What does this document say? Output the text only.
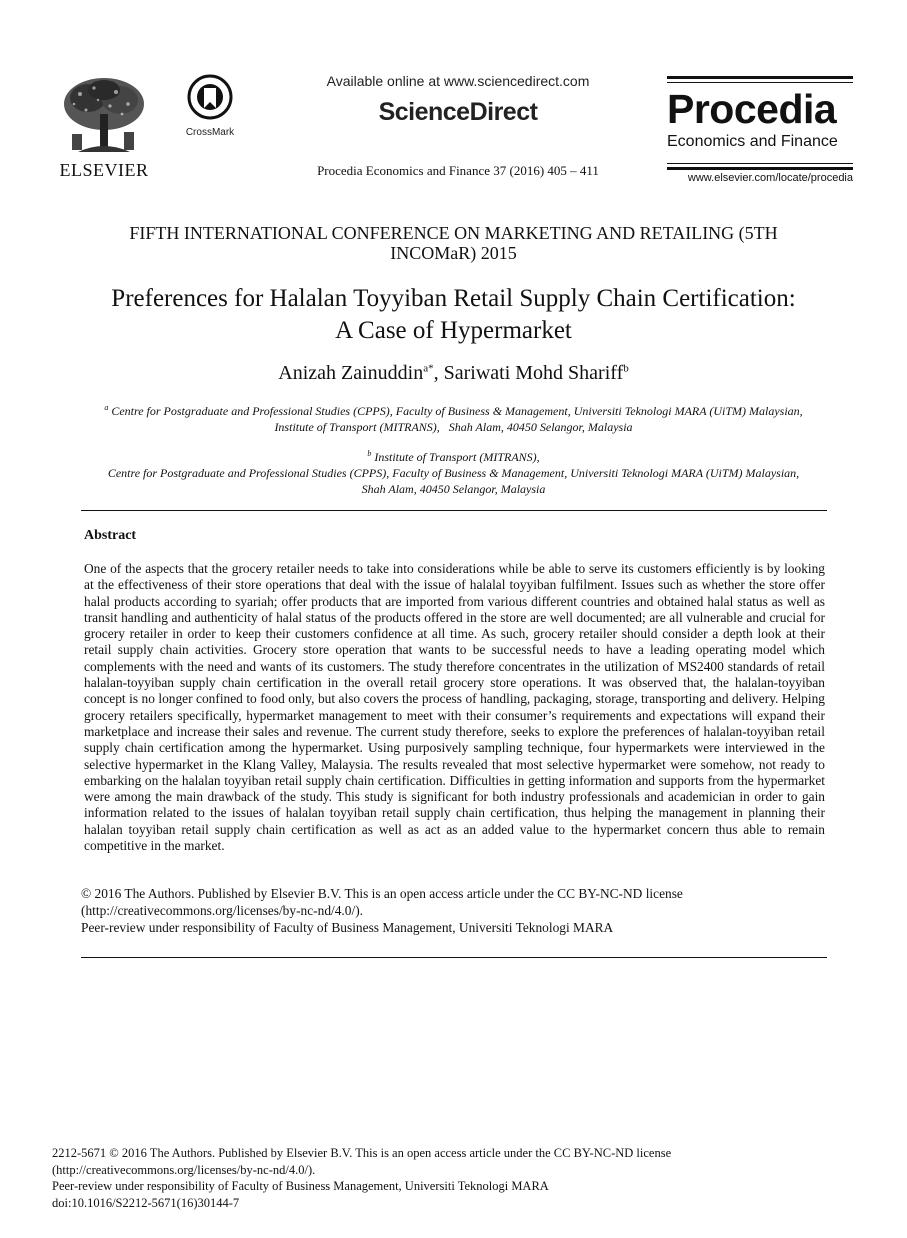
ELSEVIER
CrossMark
Available online at www.sciencedirect.com
ScienceDirect
Procedia Economics and Finance 37 (2016) 405 – 411
Procedia
Economics and Finance
www.elsevier.com/locate/procedia
FIFTH INTERNATIONAL CONFERENCE ON MARKETING AND RETAILING (5TH INCOMaR) 2015
Preferences for Halalan Toyyiban Retail Supply Chain Certification:
A Case of Hypermarket
Anizah Zainuddin$^{a*}$, Sariwati Mohd Shariff$^b$
$^a$ Centre for Postgraduate and Professional Studies (CPPS), Faculty of Business & Management, Universiti Teknologi MARA (UiTM) Malaysian,
Institute of Transport (MITRANS),   Shah Alam, 40450 Selangor, Malaysia
$^b$ Institute of Transport (MITRANS),
Centre for Postgraduate and Professional Studies (CPPS), Faculty of Business & Management, Universiti Teknologi MARA (UiTM) Malaysian,
Shah Alam, 40450 Selangor, Malaysia
Abstract
One of the aspects that the grocery retailer needs to take into considerations while be able to serve its customers efficiently is by looking at the effectiveness of their store operations that deal with the issue of halalal toyyiban fulfilment. Issues such as whether the store offer halal products according to syariah; offer products that are imported from various different countries and obtained halal status as well as transit handling and authenticity of halal status of the products offered in the store are well documented; are all vulnerable and crucial for grocery retailer in order to keep their customers confidence at all time. As such, grocery retailer should consider a depth look at their retail supply chain activities. Grocery store operation that wants to be successful needs to have a leading operating model which complements with the need and wants of its customers. The study therefore concentrates in the utilization of MS2400 standards of retail halalan-toyyiban supply chain certification in the overall retail grocery store operations. It was observed that, the halalan-toyyiban concept is no longer confined to food only, but also covers the process of handling, packaging, storage, transporting and delivery. Helping grocery retailers specifically, hypermarket management to meet with their consumer’s requirements and expectations will expand their marketplace and increase their sales and revenue. The current study therefore, seeks to explore the preferences of halalan-toyyiban retail supply chain certification among the hypermarket. Using purposively sampling technique, four hypermarkets were interviewed in the selective hypermarket in the Klang Valley, Malaysia. The results revealed that most selective hypermarket were somehow, not ready to embarking on the halalan toyyiban retail supply chain certification. Difficulties in getting information and supports from the hypermarket were among the main drawback of the study. This study is significant for both industry professionals and academician in order to gain information related to the issues of halalan toyyiban retail supply chain certification, thus helping the management in planning their halalan toyyiban retail supply chain certification as well as act as an added value to the hypermarket concern thus able to remain competitive in the market.

© 2016 The Authors. Published by Elsevier B.V. This is an open access article under the CC BY-NC-ND license

(http://creativecommons.org/licenses/by-nc-nd/4.0/).

Peer-review under responsibility of Faculty of Business Management, Universiti Teknologi MARA

2212-5671 © 2016 The Authors. Published by Elsevier B.V. This is an open access article under the CC BY-NC-ND license

(http://creativecommons.org/licenses/by-nc-nd/4.0/).

Peer-review under responsibility of Faculty of Business Management, Universiti Teknologi MARA

doi:10.1016/S2212-5671(16)30144-7
